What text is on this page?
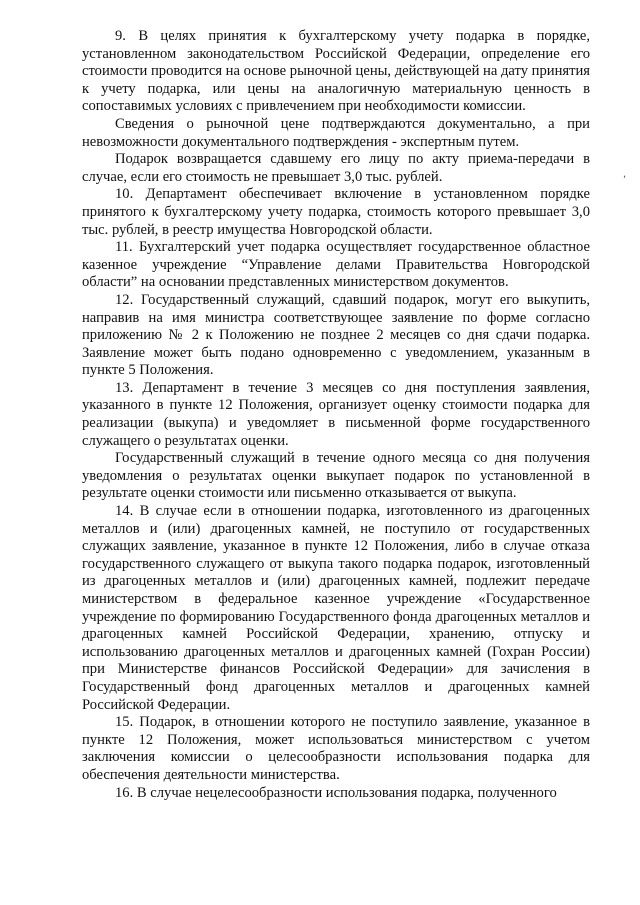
9. В целях принятия к бухгалтерскому учету подарка в порядке, установленном законодательством Российской Федерации, определение его стоимости проводится на основе рыночной цены, действующей на дату принятия к учету подарка, или цены на аналогичную материальную ценность в сопоставимых условиях с привлечением при необходимости комиссии.

Сведения о рыночной цене подтверждаются документально, а при невозможности документального подтверждения - экспертным путем.

Подарок возвращается сдавшему его лицу по акту приема-передачи в случае, если его стоимость не превышает 3,0 тыс. рублей.

10. Департамент обеспечивает включение в установленном порядке принятого к бухгалтерскому учету подарка, стоимость которого превышает 3,0 тыс. рублей, в реестр имущества Новгородской области.

11. Бухгалтерский учет подарка осуществляет государственное областное казенное учреждение “Управление делами Правительства Новгородской области” на основании представленных министерством документов.

12. Государственный служащий, сдавший подарок, могут его выкупить, направив на имя министра соответствующее заявление по форме согласно приложению № 2 к Положению не позднее 2 месяцев со дня сдачи подарка. Заявление может быть подано одновременно с уведомлением, указанным в пункте 5 Положения.

13. Департамент в течение 3 месяцев со дня поступления заявления, указанного в пункте 12 Положения, организует оценку стоимости подарка для реализации (выкупа) и уведомляет в письменной форме государственного служащего о результатах оценки.

Государственный служащий в течение одного месяца со дня получения уведомления о результатах оценки выкупает подарок по установленной в результате оценки стоимости или письменно отказывается от выкупа.

14. В случае если в отношении подарка, изготовленного из драгоценных металлов и (или) драгоценных камней, не поступило от государственных служащих заявление, указанное в пункте 12 Положения, либо в случае отказа государственного служащего от выкупа такого подарка подарок, изготовленный из драгоценных металлов и (или) драгоценных камней, подлежит передаче министерством в федеральное казенное учреждение «Государственное учреждение по формированию Государственного фонда драгоценных металлов и драгоценных камней Российской Федерации, хранению, отпуску и использованию драгоценных металлов и драгоценных камней (Гохран России) при Министерстве финансов Российской Федерации» для зачисления в Государственный фонд драгоценных металлов и драгоценных камней Российской Федерации.

15. Подарок, в отношении которого не поступило заявление, указанное в пункте 12 Положения, может использоваться министерством с учетом заключения комиссии о целесообразности использования подарка для обеспечения деятельности министерства.

16. В случае нецелесообразности использования подарка, полученного

,
